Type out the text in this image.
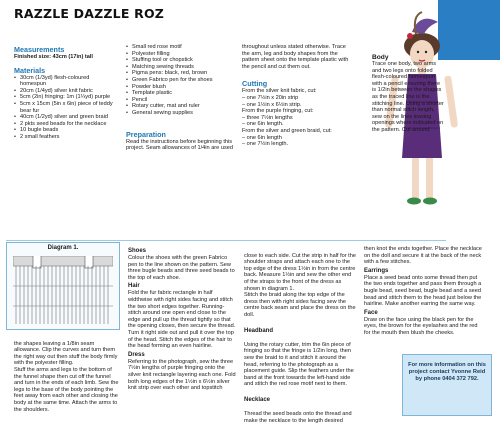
RAZZLE DAZZLE ROZ
Measurements
Finished size: 43cm (17in) tall
Materials
• 30cm (1/3yd) flesh-coloured homespun
• 20cm (1/4yd) silver knit fabric
• 5cm (2in) fringing: 1m (1¼yd) purple
• 5cm x 15cm (5in x 6in) piece of teddy bear fur
• 40cm (1/2yd) silver and green braid
• 2 pkts seed beads for the necklace
• 10 bugle beads
• 2 small feathers
• Small red rose motif
• Polyester filling
• Stuffing tool or chopstick
• Matching sewing threads
• Pigma pens: black, red, brown
• Green Fabrico pen for the shoes
• Powder blush
• Template plastic
• Pencil
• Rotary cutter, mat and ruler
• General sewing supplies
Preparation
Read the instructions before beginning this project. Seam allowances of 1/4in are used
throughout unless stated otherwise. Trace the arm, leg and body shapes from the pattern sheet onto the template plastic with the pencil and cut them out.
Cutting
From the silver knit fabric, cut:
– one 7½in x 20in strip
– one 1½in x 6½in strip.
From the purple fringing, cut:
– three 7½in lengths
– one 6in length.
From the silver and green braid, cut:
– one 6in length
– one 7½in length.
Body
Trace one body, two arms and two legs onto folded flesh-coloured homespun with a pencil ensuring there is 1/2in between the shapes as the traced line is the stitching line. Using a shorter than normal stitch length, sew on the lines leaving openings where indicated on the pattern. Cut around
Diagram 1.

the shapes leaving a 1/8in seam allowance. Clip the curves and turn them the right way out then stuff the body firmly with the polyester filling.
Stuff the arms and legs to the bottom of the funnel shape then cut off the funnel and turn in the ends of each limb. Sew the legs to the base of the body pointing the feet away from each other and closing the body at the same time. Attach the arms to the shoulders.

Shoes
Colour the shoes with the green Fabrico pen to the line shown on the pattern. Sew three bugle beads and three seed beads to the top of each shoe.
Hair
Fold the fur fabric rectangle in half widthwise with right sides facing and stitch the two short edges together. Running-stitch around one open end close to the edge and pull up the thread tightly so that the opening closes, then secure the thread. Turn it right side out and pull it over the top of the head. Stitch the edges of the hair to the head forming an even hairline.
Dress
Referring to the photograph, sew the three 7½in lengths of purple fringing onto the silver knit rectangle layering each one. Fold both long edges of the 1½in x 6½in silver knit strip over each other and topstitch

close to each side. Cut the strip in half for the shoulder straps and attach each one to the top edge of the dress 1½in in from the centre back. Measure 1½in and sew the other end of the straps to the front of the dress as shown in diagram 1.
Stitch the braid along the top edge of the dress then with right sides facing sew the centre back seam and place the dress on the doll.

Headband

Using the rotary cutter, trim the 6in piece of fringing so that the fringe is 1/2in long, then sew the braid to it and stitch it around the head, referring to the photograph as a placement guide. Slip the feathers under the band at the front towards the left-hand side and stitch the red rose motif next to them.

Necklace

Thread the seed beads onto the thread and make the necklace to the length desired

then knot the ends together. Place the necklace on the doll and secure it at the back of the neck with a few stitches.
Earrings
Place a seed bead onto some thread then put the two ends together and pass them through a bugle bead, seed bead, bugle bead and a seed bead and stitch them to the head just below the hairline. Make another earring the same way.
Face
Draw on the face using the black pen for the eyes, the brown for the eyelashes and the red for the mouth then blush the cheeks.
For more information on this project contact Yvonne Reid by phone 0404 372 792.
